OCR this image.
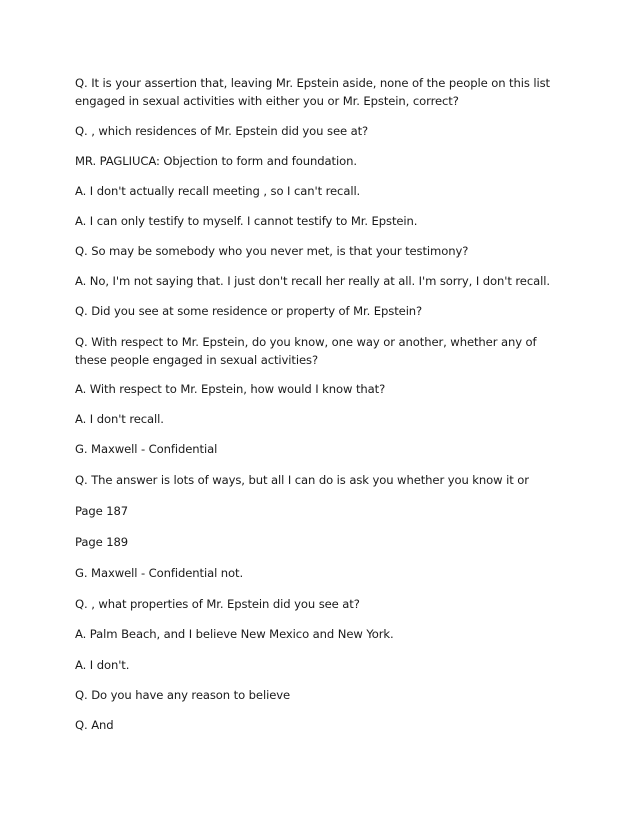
Q. It is your assertion that, leaving Mr. Epstein aside, none of the people on this list engaged in sexual activities with either you or Mr. Epstein, correct?
Q. , which residences of Mr. Epstein did you see at?
MR. PAGLIUCA: Objection to form and foundation.
A. I don't actually recall meeting , so I can't recall.
A. I can only testify to myself. I cannot testify to Mr. Epstein.
Q. So may be somebody who you never met, is that your testimony?
A. No, I'm not saying that. I just don't recall her really at all. I'm sorry, I don't recall.
Q. Did you see at some residence or property of Mr. Epstein?
Q. With respect to Mr. Epstein, do you know, one way or another, whether any of these people engaged in sexual activities?
A. With respect to Mr. Epstein, how would I know that?
A. I don't recall.
G. Maxwell - Confidential
Q. The answer is lots of ways, but all I can do is ask you whether you know it or
Page 187
Page 189
G. Maxwell - Confidential not.
Q. , what properties of Mr. Epstein did you see at?
A. Palm Beach, and I believe New Mexico and New York.
A. I don't.
Q. Do you have any reason to believe
Q. And
